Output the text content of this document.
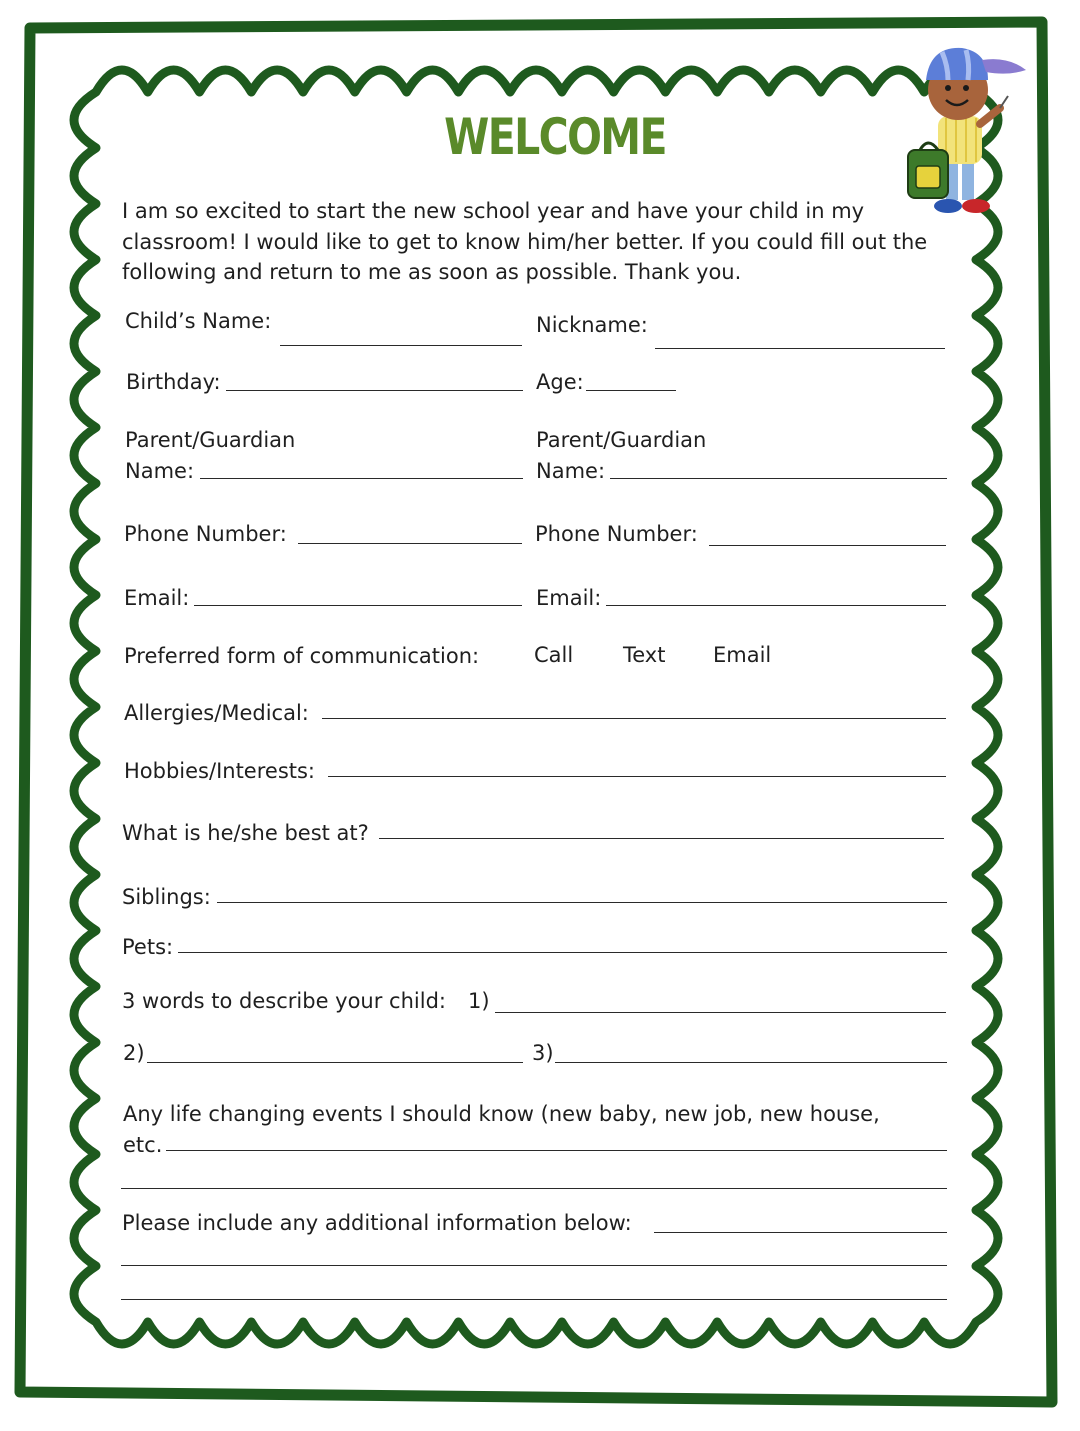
WELCOME
I am so excited to start the new school year and have your child in my
classroom! I would like to get to know him/her better. If you could fill out the
following and return to me as soon as possible. Thank you.
Child’s Name:	Nickname:
Birthday:	Age:
Parent/Guardian
Name:
Parent/Guardian
Name:
Phone Number:	Phone Number:
Email:	Email:
Preferred form of communication:	Call Text Email
Allergies/Medical:
Hobbies/Interests:
What is he/she best at?
Siblings:
Pets:
3 words to describe your child: 1)
2)	3)
Any life changing events I should know (new baby, new job, new house,
etc.
Please include any additional information below:
